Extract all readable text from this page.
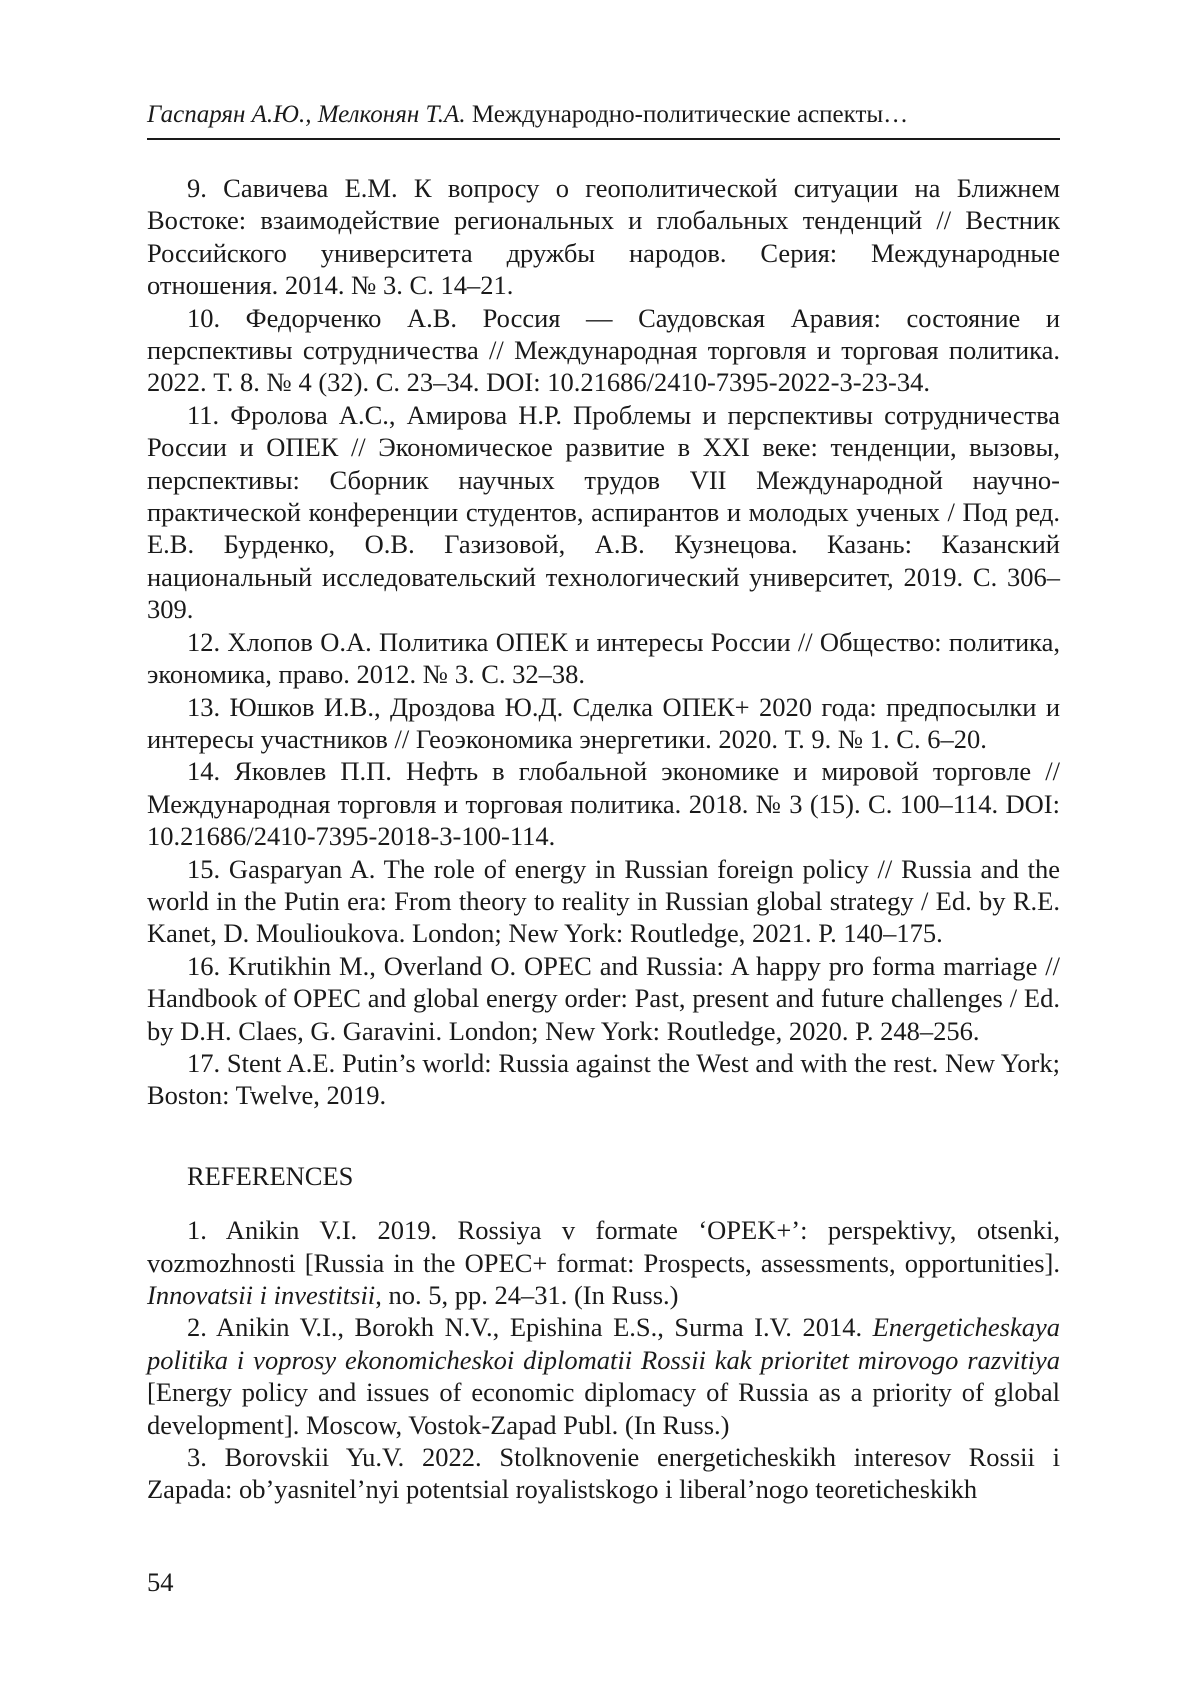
Гаспарян А.Ю., Мелконян Т.А. Международно-политические аспекты…

9. Савичева Е.М. К вопросу о геополитической ситуации на Ближнем Востоке: взаимодействие региональных и глобальных тенденций // Вестник Российского университета дружбы народов. Серия: Международные отношения. 2014. № 3. С. 14–21.

10. Федорченко А.В. Россия — Саудовская Аравия: состояние и перспективы сотрудничества // Международная торговля и торговая политика. 2022. Т. 8. № 4 (32). С. 23–34. DOI: 10.21686/2410-7395-2022-3-23-34.

11. Фролова А.С., Амирова Н.Р. Проблемы и перспективы сотрудничества России и ОПЕК // Экономическое развитие в XXI веке: тенденции, вызовы, перспективы: Сборник научных трудов VII Международной научно-практической конференции студентов, аспирантов и молодых ученых / Под ред. Е.В. Бурденко, О.В. Газизовой, А.В. Кузнецова. Казань: Казанский национальный исследовательский технологический университет, 2019. С. 306–309.

12. Хлопов О.А. Политика ОПЕК и интересы России // Общество: политика, экономика, право. 2012. № 3. С. 32–38.

13. Юшков И.В., Дроздова Ю.Д. Сделка ОПЕК+ 2020 года: предпосылки и интересы участников // Геоэкономика энергетики. 2020. Т. 9. № 1. С. 6–20.

14. Яковлев П.П. Нефть в глобальной экономике и мировой торговле // Международная торговля и торговая политика. 2018. № 3 (15). С. 100–114. DOI: 10.21686/2410-7395-2018-3-100-114.

15. Gasparyan A. The role of energy in Russian foreign policy // Russia and the world in the Putin era: From theory to reality in Russian global strategy / Ed. by R.E. Kanet, D. Moulioukova. London; New York: Routledge, 2021. P. 140–175.

16. Krutikhin M., Overland O. OPEC and Russia: A happy pro forma marriage // Handbook of OPEC and global energy order: Past, present and future challenges / Ed. by D.H. Claes, G. Garavini. London; New York: Routledge, 2020. P. 248–256.

17. Stent A.E. Putin’s world: Russia against the West and with the rest. New York; Boston: Twelve, 2019.

REFERENCES

1. Anikin V.I. 2019. Rossiya v formate ‘OPEK+’: perspektivy, otsenki, vozmozhnosti [Russia in the OPEC+ format: Prospects, assessments, opportunities]. Innovatsii i investitsii, no. 5, pp. 24–31. (In Russ.)

2. Anikin V.I., Borokh N.V., Epishina E.S., Surma I.V. 2014. Energeticheskaya politika i voprosy ekonomicheskoi diplomatii Rossii kak prioritet mirovogo razvitiya [Energy policy and issues of economic diplomacy of Russia as a priority of global development]. Moscow, Vostok-Zapad Publ. (In Russ.)

3. Borovskii Yu.V. 2022. Stolknovenie energeticheskikh interesov Rossii i Zapada: ob’yasnitel’nyi potentsial royalistskogo i liberal’nogo teoreticheskikh

54
